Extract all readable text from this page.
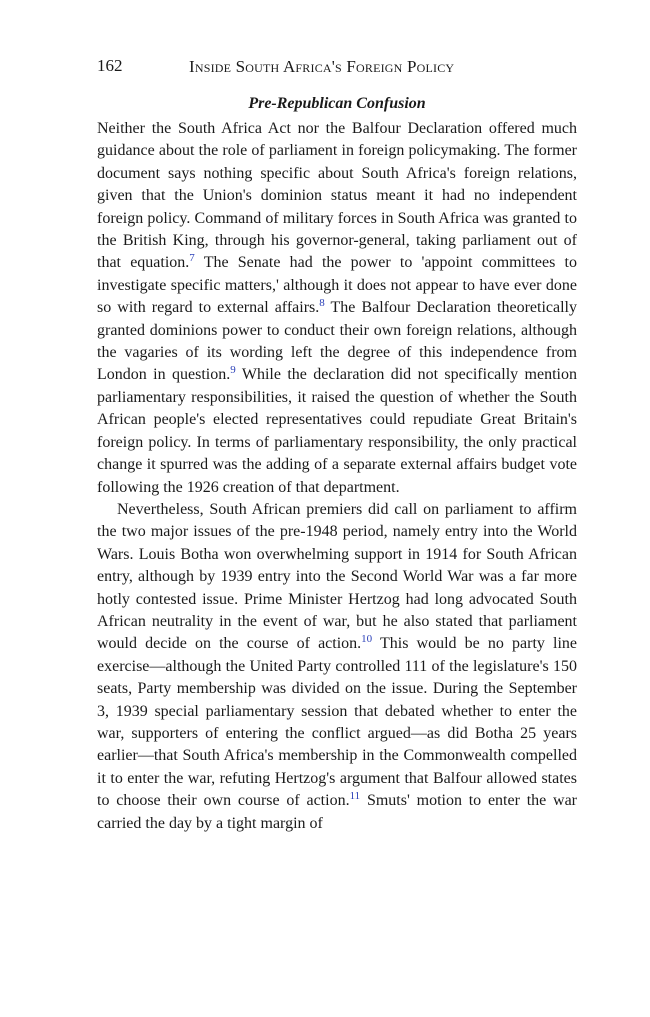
162	Inside South Africa's Foreign Policy
Pre-Republican Confusion

Neither the South Africa Act nor the Balfour Declaration offered much guidance about the role of parliament in foreign policymaking. The former document says nothing specific about South Africa's foreign relations, given that the Union's dominion status meant it had no independent foreign policy. Command of military forces in South Africa was granted to the British King, through his governor-general, taking parliament out of that equation.$^7$ The Senate had the power to 'appoint committees to investigate specific matters,' although it does not appear to have ever done so with regard to external affairs.$^8$ The Balfour Declaration theoretically granted dominions power to conduct their own foreign relations, although the vagaries of its wording left the degree of this independence from London in question.$^9$ While the declaration did not specifically mention parliamentary responsibilities, it raised the question of whether the South African people's elected representatives could repudiate Great Britain's foreign policy. In terms of parliamentary responsibility, the only practical change it spurred was the adding of a separate external affairs budget vote following the 1926 creation of that department.

Nevertheless, South African premiers did call on parliament to affirm the two major issues of the pre-1948 period, namely entry into the World Wars. Louis Botha won overwhelming support in 1914 for South African entry, although by 1939 entry into the Second World War was a far more hotly contested issue. Prime Minister Hertzog had long advocated South African neutrality in the event of war, but he also stated that parliament would decide on the course of action.$^{10}$ This would be no party line exercise—although the United Party controlled 111 of the legislature's 150 seats, Party membership was divided on the issue. During the September 3, 1939 special parliamentary session that debated whether to enter the war, supporters of entering the conflict argued—as did Botha 25 years earlier—that South Africa's membership in the Commonwealth compelled it to enter the war, refuting Hertzog's argument that Balfour allowed states to choose their own course of action.$^{11}$ Smuts' motion to enter the war carried the day by a tight margin of
